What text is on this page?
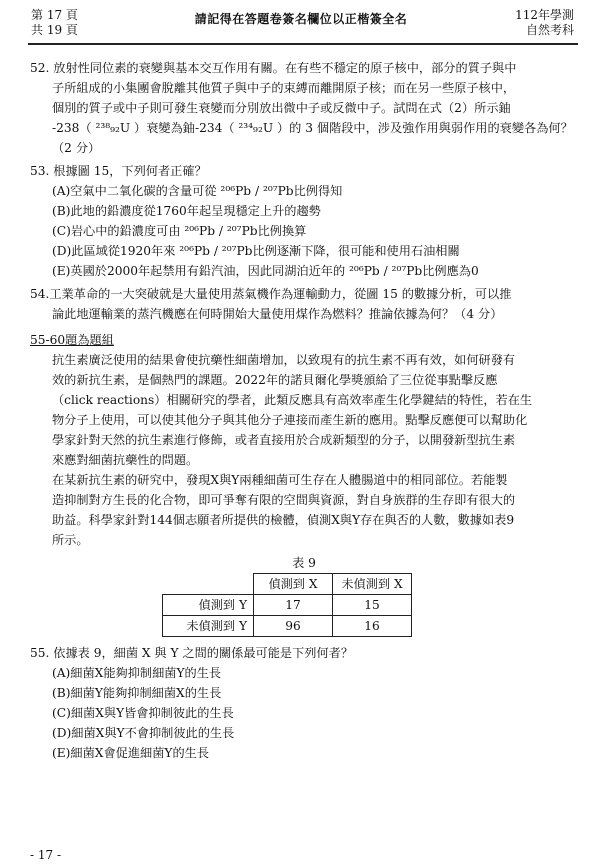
第 17 頁
共 19 頁
請記得在答題卷簽名欄位以正楷簽全名	112年學測
自然考科
52. 放射性同位素的衰變與基本交互作用有關。在有些不穩定的原子核中，部分的質子與中
子所組成的小集團會脫離其他質子與中子的束縛而離開原子核；而在另一些原子核中，
個別的質子或中子則可發生衰變而分別放出微中子或反微中子。試問在式（2）所示鈾
-238（ ²³⁸₉₂U ）衰變為鈾-234（ ²³⁴₉₂U ）的 3 個階段中，涉及強作用與弱作用的衰變各為何？
（2 分）
53. 根據圖 15，下列何者正確？
(A)空氣中二氧化碳的含量可從 ²⁰⁶Pb / ²⁰⁷Pb比例得知
(B)此地的鉛濃度從1760年起呈現穩定上升的趨勢
(C)岩心中的鉛濃度可由 ²⁰⁶Pb / ²⁰⁷Pb比例換算
(D)此區域從1920年來 ²⁰⁶Pb / ²⁰⁷Pb比例逐漸下降，很可能和使用石油相關
(E)英國於2000年起禁用有鉛汽油，因此同湖泊近年的 ²⁰⁶Pb / ²⁰⁷Pb比例應為0
54.工業革命的一大突破就是大量使用蒸氣機作為運輸動力，從圖 15 的數據分析，可以推
論此地運輸業的蒸汽機應在何時開始大量使用煤作為燃料？推論依據為何？（4 分）
55-60題為題組
抗生素廣泛使用的結果會使抗藥性細菌增加，以致現有的抗生素不再有效，如何研發有
效的新抗生素，是個熱門的課題。2022年的諾貝爾化學獎頒給了三位從事點擊反應
（click reactions）相關研究的學者，此類反應具有高效率產生化學鍵結的特性，若在生
物分子上使用，可以使其他分子與其他分子連接而產生新的應用。點擊反應便可以幫助化
學家針對天然的抗生素進行修飾，或者直接用於合成新類型的分子，以開發新型抗生素
來應對細菌抗藥性的問題。
在某新抗生素的研究中，發現X與Y兩種細菌可生存在人體腸道中的相同部位。若能製
造抑制對方生長的化合物，即可爭奪有限的空間與資源，對自身族群的生存即有很大的
助益。科學家針對144個志願者所提供的檢體，偵測X與Y存在與否的人數，數據如表9
所示。
表 9
	偵測到 X	未偵測到 X
偵測到 Y	17	15
未偵測到 Y	96	16
55. 依據表 9，細菌 X 與 Y 之間的關係最可能是下列何者？
(A)細菌X能夠抑制細菌Y的生長
(B)細菌Y能夠抑制細菌X的生長
(C)細菌X與Y皆會抑制彼此的生長
(D)細菌X與Y不會抑制彼此的生長
(E)細菌X會促進細菌Y的生長
- 17 -
